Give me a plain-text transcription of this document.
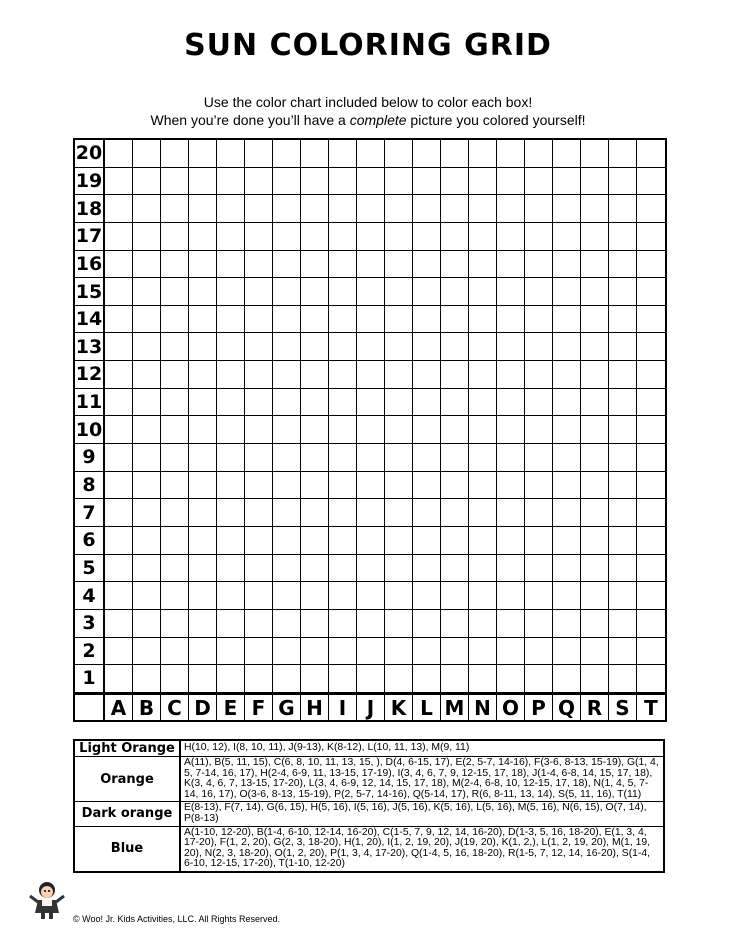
SUN COLORING GRID
Use the color chart included below to color each box!
When you’re done you’ll have a complete picture you colored yourself!
20
19
18
17
16
15
14
13
12
11
10
9
8
7
6
5
4
3
2
1
A B C D E F G H I	J K L M N O P Q R S T
Light Orange	H(10, 12), I(8, 10, 11), J(9-13), K(8-12), L(10, 11, 13), M(9, 11)
Orange	A(11), B(5, 11, 15), C(6, 8, 10, 11, 13, 15, ), D(4, 6-15, 17), E(2, 5-7, 14-16), F(3-6, 8-13, 15-19), G(1, 4, 5, 7-14, 16, 17), H(2-4, 6-9, 11, 13-15, 17-19), I(3, 4, 6, 7, 9, 12-15, 17, 18), J(1-4, 6-8, 14, 15, 17, 18), K(3, 4, 6, 7, 13-15, 17-20), L(3, 4, 6-9, 12, 14, 15, 17, 18), M(2-4, 6-8, 10, 12-15, 17, 18), N(1, 4, 5, 7-14, 16, 17), O(3-6, 8-13, 15-19), P(2, 5-7, 14-16), Q(5-14, 17), R(6, 8-11, 13, 14), S(5, 11, 16), T(11)
Dark orange	E(8-13), F(7, 14), G(6, 15), H(5, 16), I(5, 16), J(5, 16), K(5, 16), L(5, 16), M(5, 16), N(6, 15), O(7, 14), P(8-13)
Blue	A(1-10, 12-20), B(1-4, 6-10, 12-14, 16-20), C(1-5, 7, 9, 12, 14, 16-20), D(1-3, 5, 16, 18-20), E(1, 3, 4, 17-20), F(1, 2, 20), G(2, 3, 18-20), H(1, 20), I(1, 2, 19, 20), J(19, 20), K(1, 2,), L(1, 2, 19, 20), M(1, 19, 20), N(2, 3, 18-20), O(1, 2, 20), P(1, 3, 4, 17-20), Q(1-4, 5, 16, 18-20), R(1-5, 7, 12, 14, 16-20), S(1-4, 6-10, 12-15, 17-20), T(1-10, 12-20)
© Woo! Jr. Kids Activities, LLC. All Rights Reserved.
